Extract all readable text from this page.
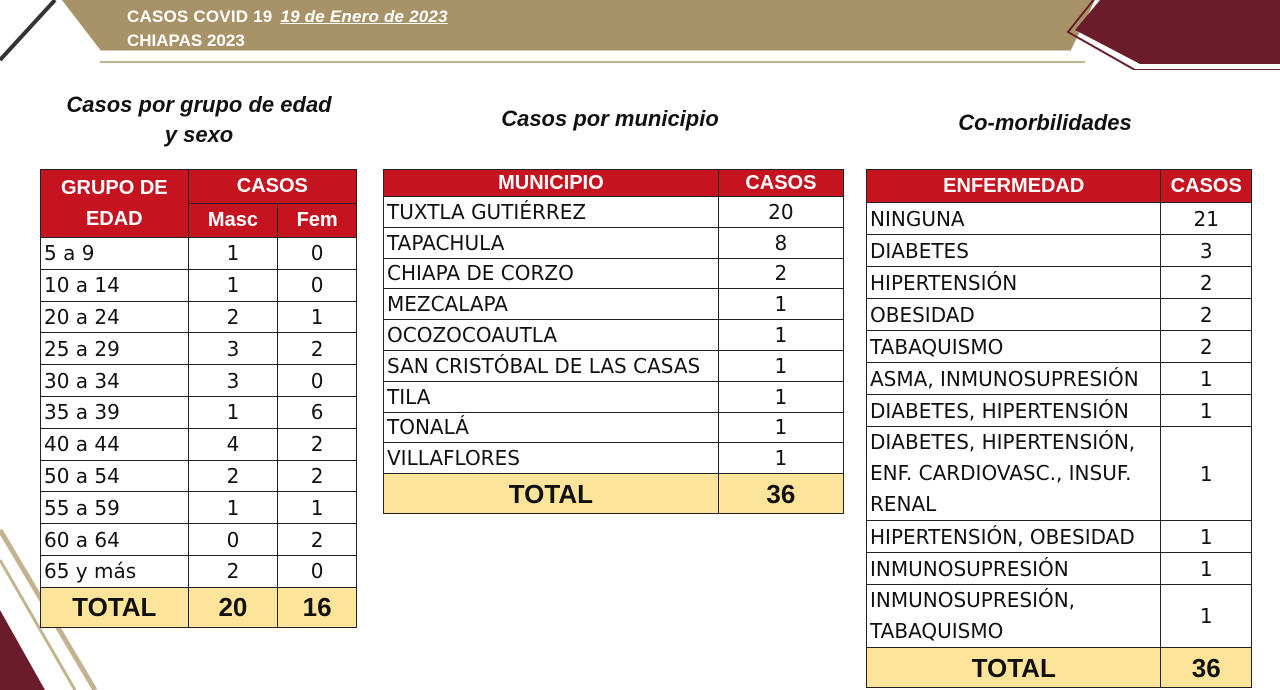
CASOS COVID 19 19 de Enero de 2023
CHIAPAS 2023
Casos por grupo de edad y sexo
Casos por municipio	Co-morbilidades
GRUPO DE EDAD	CASOS	
	Masc	Fem
5 a 9	1	0
10 a 14	1	0
20 a 24	2	1
25 a 29	3	2
30 a 34	3	0
35 a 39	1	6
40 a 44	4	2
50 a 54	2	2
55 a 59	1	1
60 a 64	0	2
65 y más	2	0
TOTAL	20	16
MUNICIPIO	CASOS
TUXTLA GUTIÉRREZ	20
TAPACHULA	8
CHIAPA DE CORZO	2
MEZCALAPA	1
OCOZOCOAUTLA	1
SAN CRISTÓBAL DE LAS CASAS	1
TILA	1
TONALÁ	1
VILLAFLORES	1
TOTAL	36
ENFERMEDAD	CASOS
NINGUNA	21
DIABETES	3
HIPERTENSIÓN	2
OBESIDAD	2
TABAQUISMO	2
ASMA, INMUNOSUPRESIÓN	1
DIABETES, HIPERTENSIÓN	1
DIABETES, HIPERTENSIÓN, ENF. CARDIOVASC., INSUF. RENAL	1
HIPERTENSIÓN, OBESIDAD	1
INMUNOSUPRESIÓN	1
INMUNOSUPRESIÓN, TABAQUISMO	1
TOTAL	36
